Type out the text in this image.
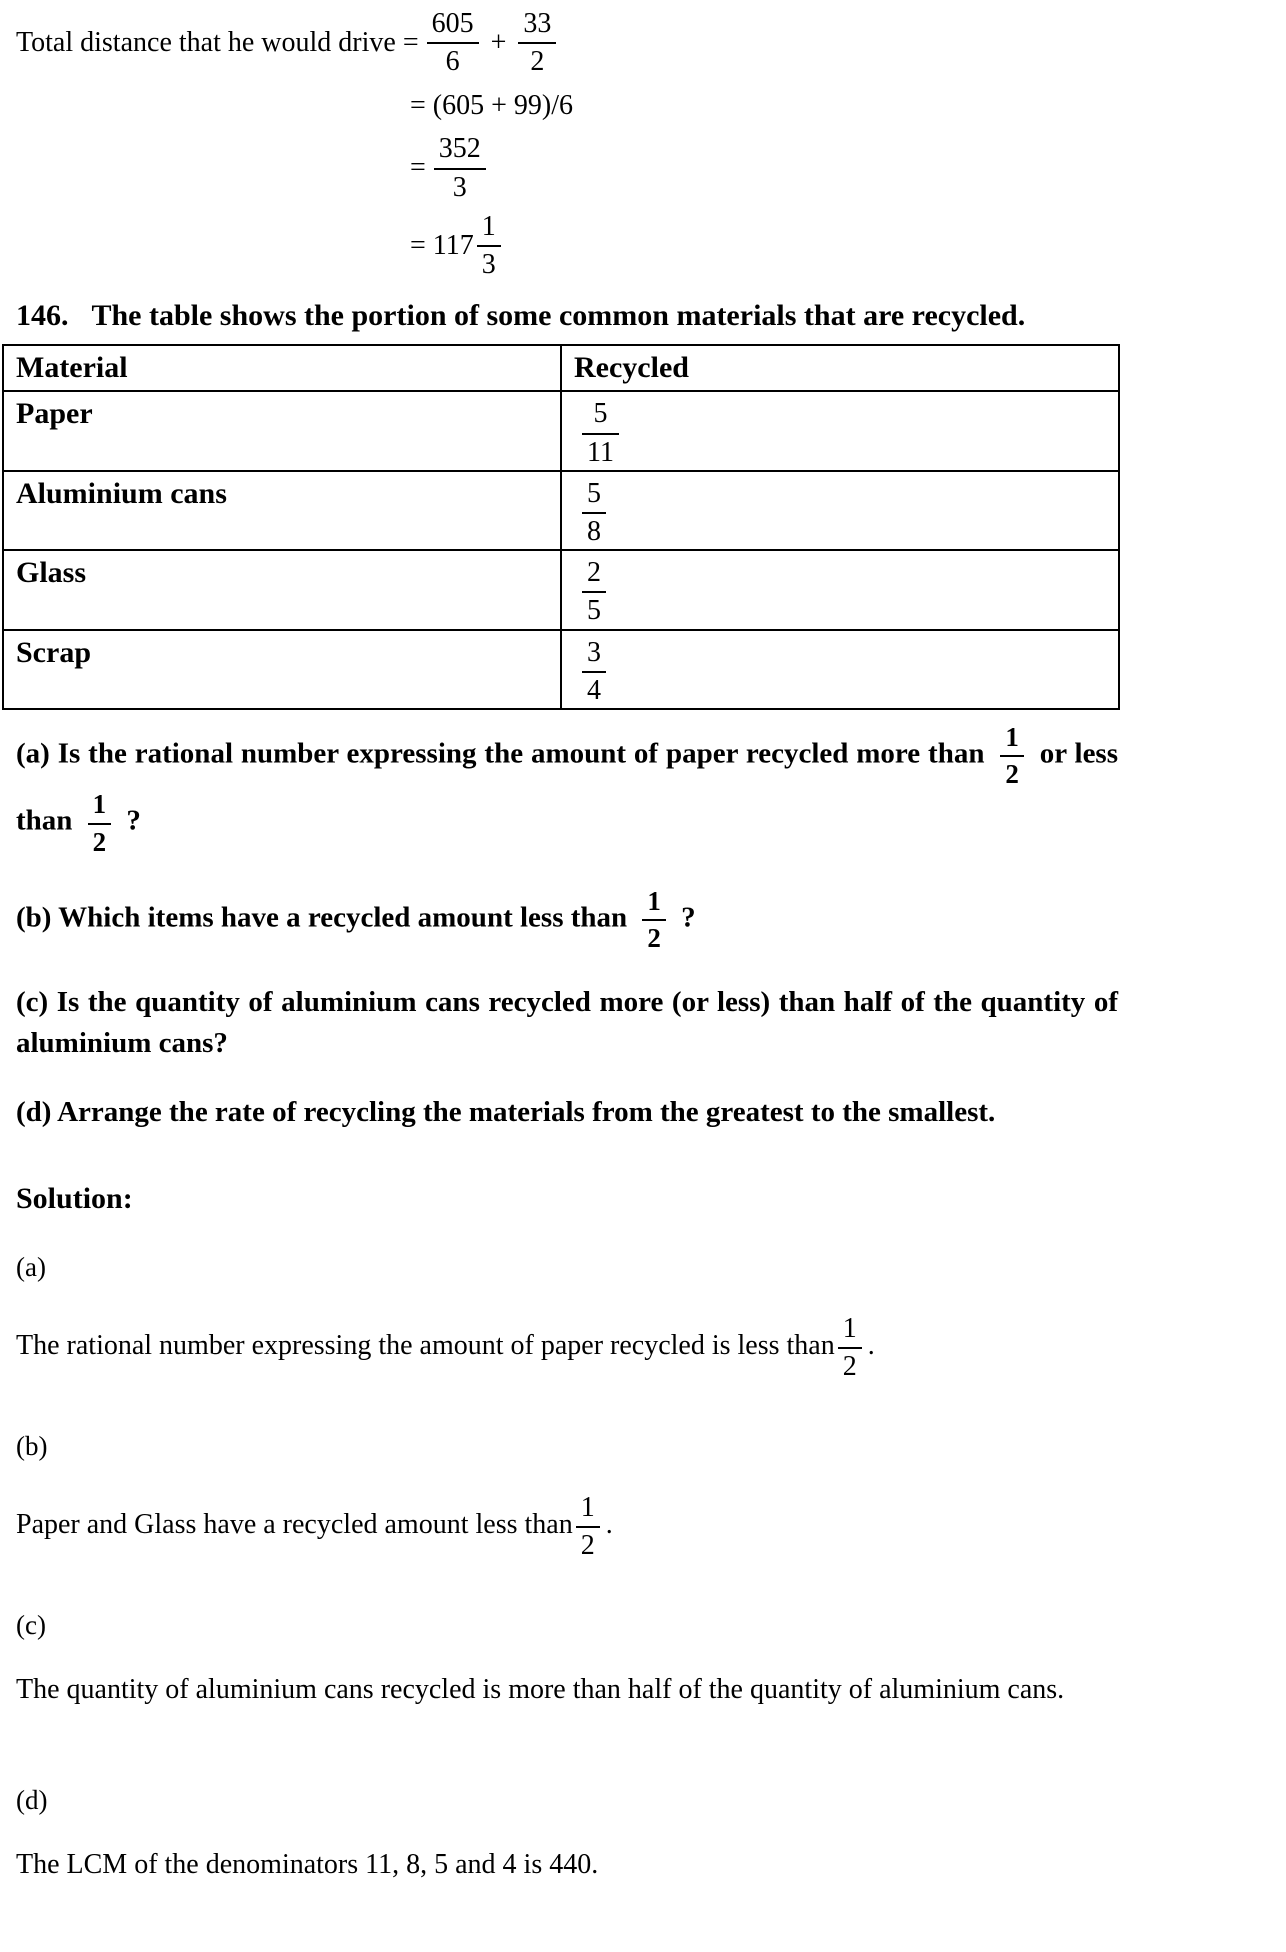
Total distance that he would drive = $\frac{605}{6} + \frac{33}{2}$
= (605 + 99)/6
= $\frac{352}{3}$
= $117 \frac{1}{3}$

146. The table shows the portion of some common materials that are recycled.

Material	Recycled
Paper	$\frac{5}{11}$

Aluminium cans	$\frac{5}{8}$

Glass	$\frac{2}{5}$

Scrap	$\frac{3}{4}$

(a) Is the rational number expressing the amount of paper recycled more than $\frac{1}{2}$ or less than $\frac{1}{2}$ ?

(b) Which items have a recycled amount less than $\frac{1}{2}$ ?

(c) Is the quantity of aluminium cans recycled more (or less) than half of the quantity of aluminium cans?

(d) Arrange the rate of recycling the materials from the greatest to the smallest.

Solution:

(a)

The rational number expressing the amount of paper recycled is less than $\frac{1}{2}$ .

(b)

Paper and Glass have a recycled amount less than $\frac{1}{2}$ .

(c)

The quantity of aluminium cans recycled is more than half of the quantity of aluminium cans.

(d)

The LCM of the denominators 11, 8, 5 and 4 is 440.
